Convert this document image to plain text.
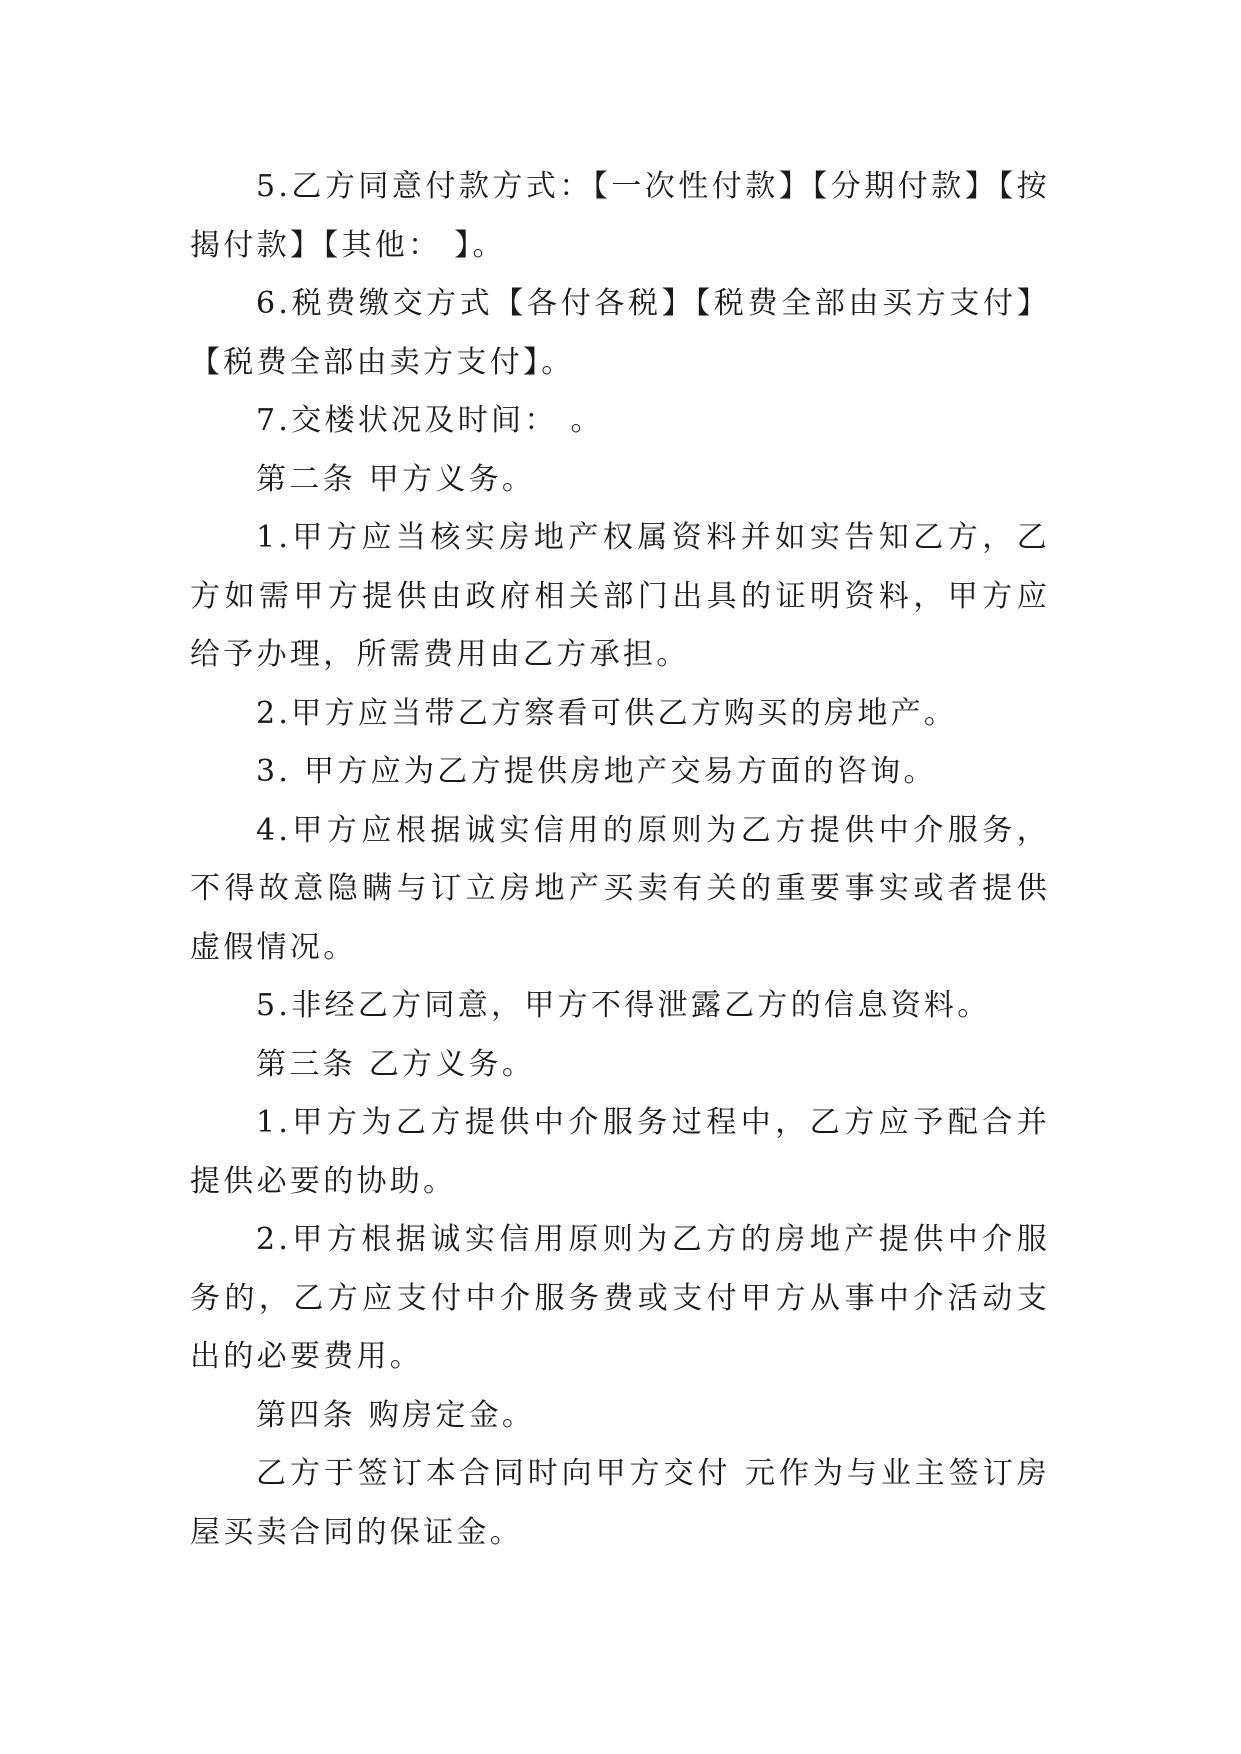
5.乙方同意付款方式：【一次性付款】【分期付款】【按揭付款】【其他： 】。

6.税费缴交方式【各付各税】【税费全部由买方支付】【税费全部由卖方支付】。

7.交楼状况及时间： 。

第二条 甲方义务。

1.甲方应当核实房地产权属资料并如实告知乙方，乙方如需甲方提供由政府相关部门出具的证明资料，甲方应给予办理，所需费用由乙方承担。

2.甲方应当带乙方察看可供乙方购买的房地产。

3. 甲方应为乙方提供房地产交易方面的咨询。

4.甲方应根据诚实信用的原则为乙方提供中介服务，不得故意隐瞒与订立房地产买卖有关的重要事实或者提供虚假情况。

5.非经乙方同意，甲方不得泄露乙方的信息资料。

第三条 乙方义务。

1.甲方为乙方提供中介服务过程中，乙方应予配合并提供必要的协助。

2.甲方根据诚实信用原则为乙方的房地产提供中介服务的，乙方应支付中介服务费或支付甲方从事中介活动支出的必要费用。

第四条 购房定金。

乙方于签订本合同时向甲方交付 元作为与业主签订房屋买卖合同的保证金。
